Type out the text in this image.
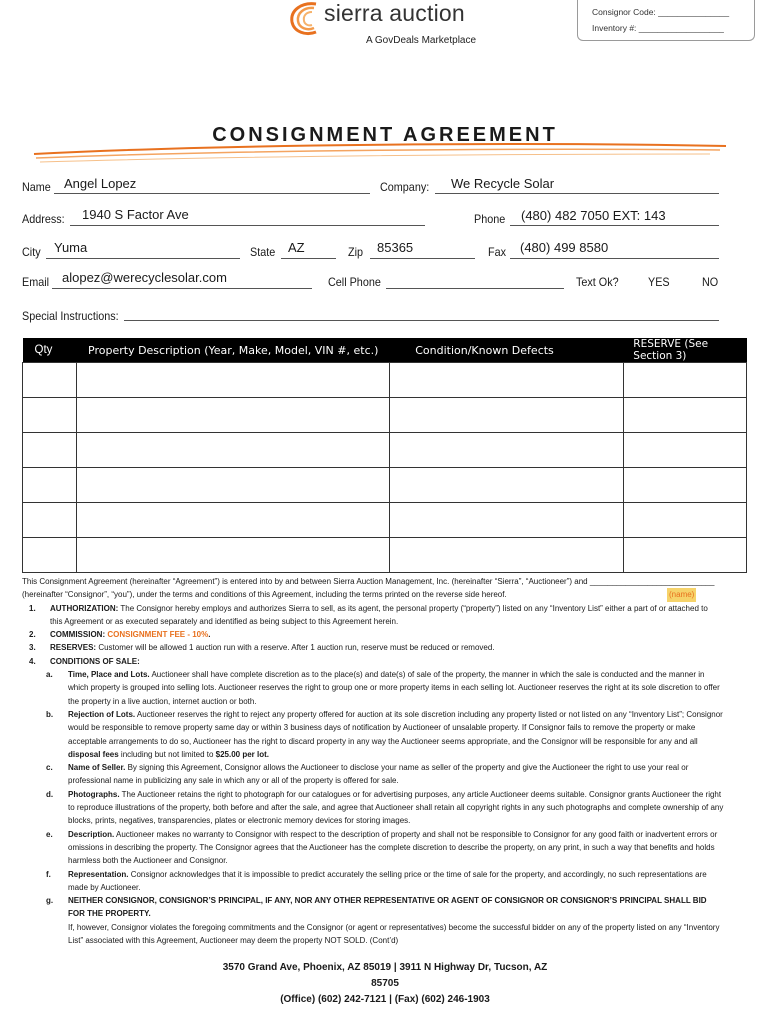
sierra auction
A GovDeals Marketplace
Consignor Code: _______________
Inventory #: __________________
CONSIGNMENT AGREEMENT
Name Angel Lopez	Company: We Recycle Solar
Address: 1940 S Factor Ave	Phone (480) 482 7050 EXT: 143
City Yuma	State AZ	Zip 85365	Fax (480) 499 8580
Email alopez@werecyclesolar.com	Cell Phone	Text Ok? YES	NO
Special Instructions:
Qty	Property Description (Year, Make, Model, VIN #, etc.)	Condition/Known Defects	RESERVE (See Section 3)

This Consignment Agreement (hereinafter “Agreement”) is entered into by and between Sierra Auction Management, Inc. (hereinafter “Sierra”, “Auctioneer”) and ____________________________
(hereinafter “Consignor”, “you”), under the terms and conditions of this Agreement, including the terms printed on the reverse side hereof.	(name)
1.	AUTHORIZATION: The Consignor hereby employs and authorizes Sierra to sell, as its agent, the personal property (“property”) listed on any “Inventory List” either a part of or attached to
this Agreement or as executed separately and identified as being subject to this Agreement herein.
2.	COMMISSION: CONSIGNMENT FEE - 10%.
3.	RESERVES: Customer will be allowed 1 auction run with a reserve. After 1 auction run, reserve must be reduced or removed.
4.	CONDITIONS OF SALE:
a.	Time, Place and Lots. Auctioneer shall have complete discretion as to the place(s) and date(s) of sale of the property, the manner in which the sale is conducted and the manner in
which property is grouped into selling lots. Auctioneer reserves the right to group one or more property items in each selling lot. Auctioneer reserves the right at its sole discretion to offer
the property in a live auction, internet auction or both.
b.	Rejection of Lots. Auctioneer reserves the right to reject any property offered for auction at its sole discretion including any property listed or not listed on any “Inventory List”; Consignor
would be responsible to remove property same day or within 3 business days of notification by Auctioneer of unsalable property. If Consignor fails to remove the property or make
acceptable arrangements to do so, Auctioneer has the right to discard property in any way the Auctioneer seems appropriate, and the Consignor will be responsible for any and all
disposal fees including but not limited to $25.00 per lot.
c.	Name of Seller. By signing this Agreement, Consignor allows the Auctioneer to disclose your name as seller of the property and give the Auctioneer the right to use your real or
professional name in publicizing any sale in which any or all of the property is offered for sale.
d.	Photographs. The Auctioneer retains the right to photograph for our catalogues or for advertising purposes, any article Auctioneer deems suitable. Consignor grants Auctioneer the right
to reproduce illustrations of the property, both before and after the sale, and agree that Auctioneer shall retain all copyright rights in any such photographs and complete ownership of any
blocks, prints, negatives, transparencies, plates or electronic memory devices for storing images.
e.	Description. Auctioneer makes no warranty to Consignor with respect to the description of property and shall not be responsible to Consignor for any good faith or inadvertent errors or
omissions in describing the property. The Consignor agrees that the Auctioneer has the complete discretion to describe the property, on any print, in such a way that benefits and holds
harmless both the Auctioneer and Consignor.
f.	Representation. Consignor acknowledges that it is impossible to predict accurately the selling price or the time of sale for the property, and accordingly, no such representations are
made by Auctioneer.
g.	NEITHER CONSIGNOR, CONSIGNOR’S PRINCIPAL, IF ANY, NOR ANY OTHER REPRESENTATIVE OR AGENT OF CONSIGNOR OR CONSIGNOR’S PRINCIPAL SHALL BID
FOR THE PROPERTY.
If, however, Consignor violates the foregoing commitments and the Consignor (or agent or representatives) become the successful bidder on any of the property listed on any “Inventory
List” associated with this Agreement, Auctioneer may deem the property NOT SOLD. (Cont’d)
3570 Grand Ave, Phoenix, AZ 85019 | 3911 N Highway Dr, Tucson, AZ
85705
(Office) (602) 242-7121 | (Fax) (602) 246-1903
